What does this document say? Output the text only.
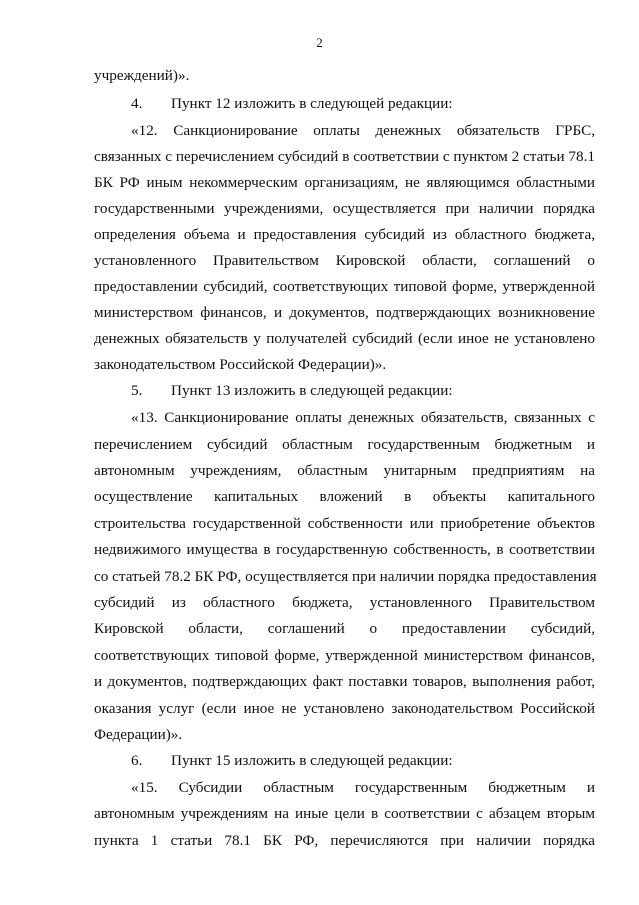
2
учреждений)».
4. Пункт 12 изложить в следующей редакции:
«12. Санкционирование оплаты денежных обязательств ГРБС,
связанных с перечислением субсидий в соответствии с пунктом 2 статьи 78.1
БК РФ иным некоммерческим организациям, не являющимся областными
государственными учреждениями, осуществляется при наличии порядка
определения объема и предоставления субсидий из областного бюджета,
установленного Правительством Кировской области, соглашений о
предоставлении субсидий, соответствующих типовой форме, утвержденной
министерством финансов, и документов, подтверждающих возникновение
денежных обязательств у получателей субсидий (если иное не установлено
законодательством Российской Федерации)».
5. Пункт 13 изложить в следующей редакции:
«13. Санкционирование оплаты денежных обязательств, связанных с
перечислением субсидий областным государственным бюджетным и
автономным учреждениям, областным унитарным предприятиям на
осуществление капитальных вложений в объекты капитального
строительства государственной собственности или приобретение объектов
недвижимого имущества в государственную собственность, в соответствии
со статьей 78.2 БК РФ, осуществляется при наличии порядка предоставления
субсидий из областного бюджета, установленного Правительством
Кировской области, соглашений о предоставлении субсидий,
соответствующих типовой форме, утвержденной министерством финансов,
и документов, подтверждающих факт поставки товаров, выполнения работ,
оказания услуг (если иное не установлено законодательством Российской
Федерации)».
6. Пункт 15 изложить в следующей редакции:
«15. Субсидии областным государственным бюджетным и
автономным учреждениям на иные цели в соответствии с абзацем вторым
пункта 1 статьи 78.1 БК РФ, перечисляются при наличии порядка
